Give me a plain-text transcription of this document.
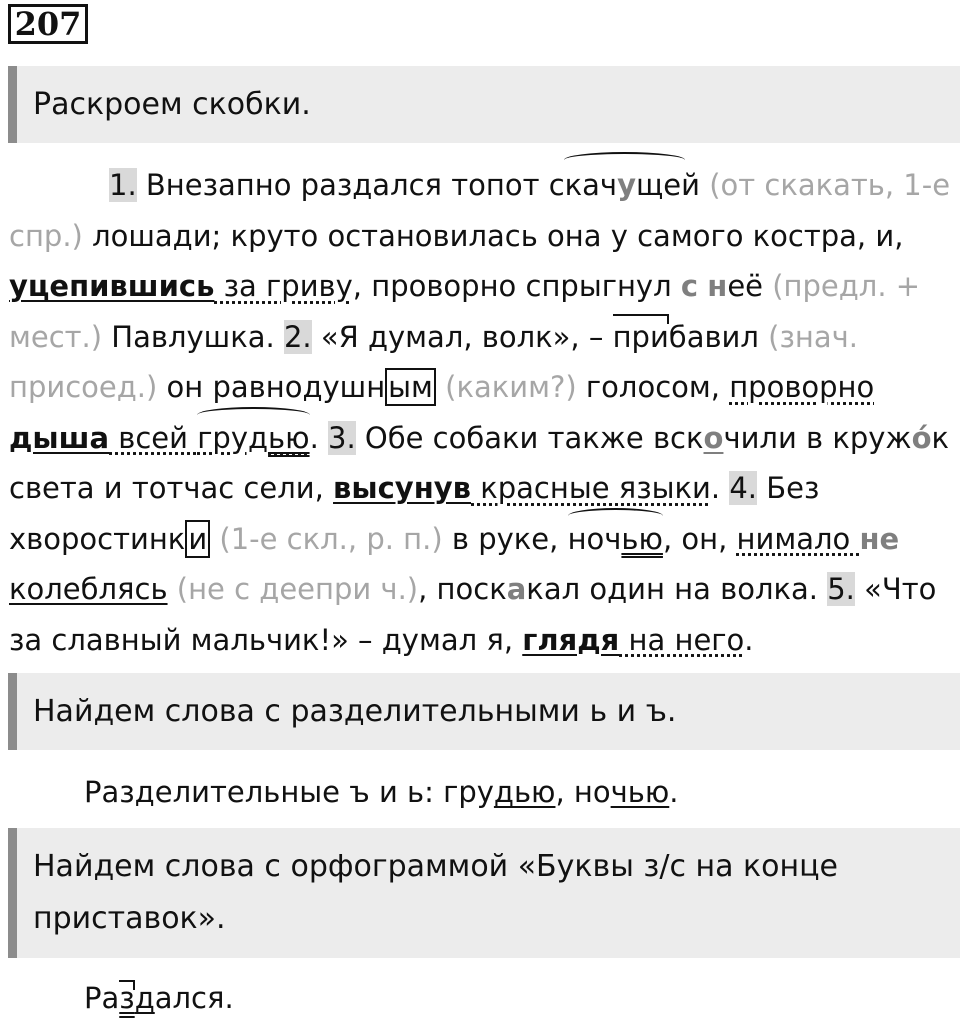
207
Раскроем скобки.
1. Внезапно раздался топот скачущей (от скакать, 1-е
спр.) лошади; круто остановилась она у самого костра, и,
уцепившись за гриву, проворно спрыгнул с неё (предл. +
мест.) Павлушка. 2. «Я думал, волк», – прибавил (знач.
присоед.) он равнодушн ым (каким?) голосом, проворно
дыша всей грудью. 3. Обе собаки также вскочили в кружо́к
света и тотчас сели, высунув красные языки. 4. Без
хворостинк и (1-е скл., р. п.) в руке, ночью, он, нимало не
колеблясь (не с деепри ч.), поскакал один на волка. 5. «Что
за славный мальчик!» – думал я, глядя на него.
Найдем слова с разделительными ь и ъ.
Разделительные ъ и ь: грудью, ночью.
Найдем слова с орфограммой «Буквы з/с на конце приставок».
Раздался.
